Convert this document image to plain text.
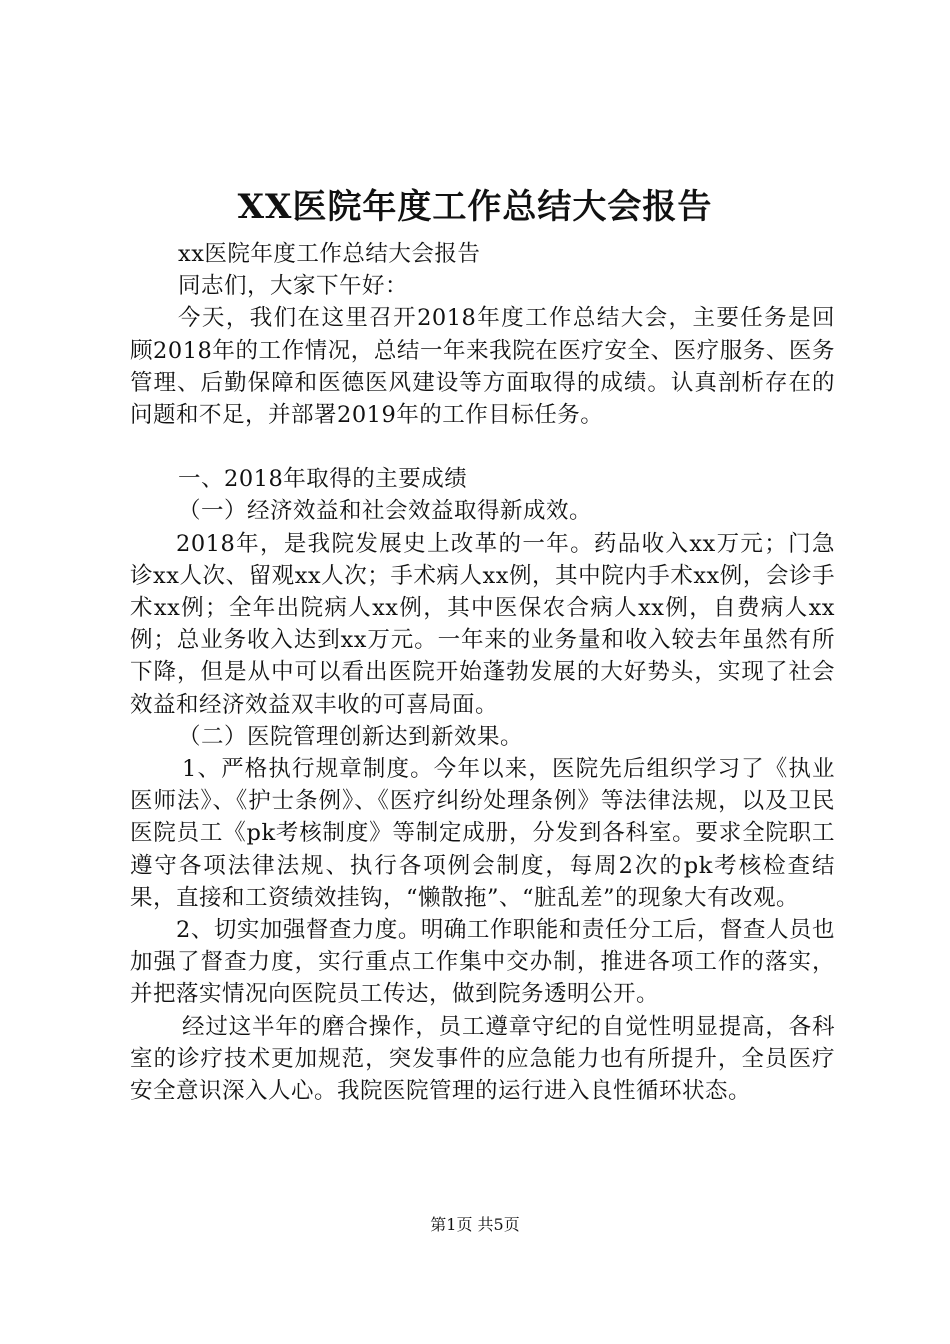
XX医院年度工作总结大会报告

xx医院年度工作总结大会报告

同志们，大家下午好：

今天，我们在这里召开2018年度工作总结大会，主要任务是回顾2018年的工作情况，总结一年来我院在医疗安全、医疗服务、医务管理、后勤保障和医德医风建设等方面取得的成绩。认真剖析存在的问题和不足，并部署2019年的工作目标任务。

一、2018年取得的主要成绩

（一）经济效益和社会效益取得新成效。

2018年，是我院发展史上改革的一年。药品收入xx万元；门急诊xx人次、留观xx人次；手术病人xx例，其中院内手术xx例，会诊手术xx例；全年出院病人xx例，其中医保农合病人xx例，自费病人xx例；总业务收入达到xx万元。一年来的业务量和收入较去年虽然有所下降，但是从中可以看出医院开始蓬勃发展的大好势头，实现了社会效益和经济效益双丰收的可喜局面。

（二）医院管理创新达到新效果。

1、严格执行规章制度。今年以来，医院先后组织学习了《执业医师法》、《护士条例》、《医疗纠纷处理条例》等法律法规，以及卫民医院员工《pk考核制度》等制定成册，分发到各科室。要求全院职工遵守各项法律法规、执行各项例会制度，每周2次的pk考核检查结果，直接和工资绩效挂钩，“懒散拖”、“脏乱差”的现象大有改观。

2、切实加强督查力度。明确工作职能和责任分工后，督查人员也加强了督查力度，实行重点工作集中交办制，推进各项工作的落实，并把落实情况向医院员工传达，做到院务透明公开。

经过这半年的磨合操作，员工遵章守纪的自觉性明显提高，各科室的诊疗技术更加规范，突发事件的应急能力也有所提升，全员医疗安全意识深入人心。我院医院管理的运行进入良性循环状态。

第1页 共5页
